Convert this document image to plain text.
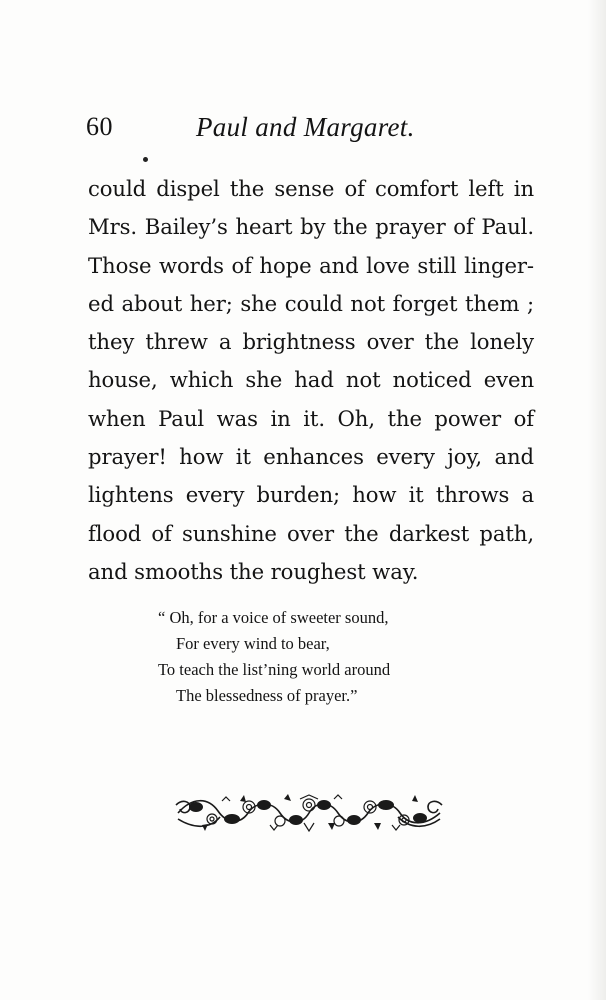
60	Paul and Margaret.
could dispel the sense of comfort left in
Mrs. Bailey’s heart by the prayer of Paul.
Those words of hope and love still linger-
ed about her; she could not forget them ;
they threw a brightness over the lonely
house, which she had not noticed even
when Paul was in it. Oh, the power of
prayer! how it enhances every joy, and
lightens every burden; how it throws a
flood of sunshine over the darkest path,
and smooths the roughest way.
“ Oh, for a voice of sweeter sound,
For every wind to bear,
To teach the list’ning world around
The blessedness of prayer.”
